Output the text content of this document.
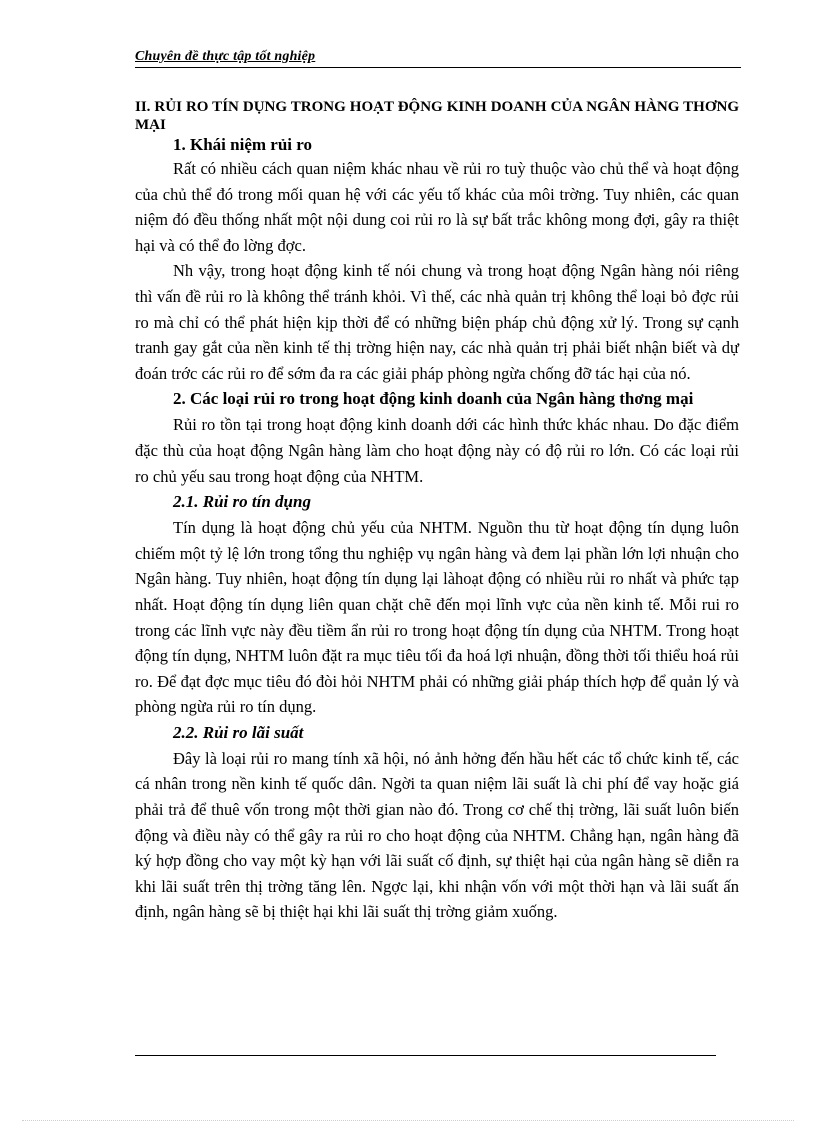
Chuyên đề thực tập tốt nghiệp

II. RỦI RO TÍN DỤNG TRONG HOẠT ĐỘNG KINH DOANH CỦA NGÂN HÀNG THƠNG MẠI

1. Khái niệm rủi ro

Rất có nhiều cách quan niệm khác nhau về rủi ro tuỳ thuộc vào chủ thể và hoạt động của chủ thể đó trong mối quan hệ với các yếu tố khác của môi trờng. Tuy nhiên, các quan niệm đó đều thống nhất một nội dung coi rủi ro là sự bất trắc không mong đợi, gây ra thiệt hại và có thể đo lờng đợc.

Nh vậy, trong hoạt động kinh tế nói chung và trong hoạt động Ngân hàng nói riêng thì vấn đề rủi ro là không thể tránh khỏi. Vì thế, các nhà quản trị không thể loại bỏ đợc rủi ro mà chỉ có thể phát hiện kịp thời để có những biện pháp chủ động xử lý. Trong sự cạnh tranh gay gắt của nền kinh tế thị trờng hiện nay, các nhà quản trị phải biết nhận biết và dự đoán trớc các rủi ro để sớm đa ra các giải pháp phòng ngừa chống đỡ tác hại của nó.

2. Các loại rủi ro trong hoạt động kinh doanh của Ngân hàng thơng mại

Rủi ro tồn tại trong hoạt động kinh doanh dới các hình thức khác nhau. Do đặc điểm đặc thù của hoạt động Ngân hàng làm cho hoạt động này có độ rủi ro lớn. Có các loại rủi ro chủ yếu sau trong hoạt động của NHTM.

2.1. Rủi ro tín dụng

Tín dụng là hoạt động chủ yếu của NHTM. Nguồn thu từ hoạt động tín dụng luôn chiếm một tỷ lệ lớn trong tổng thu nghiệp vụ ngân hàng và đem lại phần lớn lợi nhuận cho Ngân hàng. Tuy nhiên, hoạt động tín dụng lại làhoạt động có nhiều rủi ro nhất và phức tạp nhất. Hoạt động tín dụng liên quan chặt chẽ đến mọi lĩnh vực của nền kinh tế. Mỗi rui ro trong các lĩnh vực này đều tiềm ẩn rủi ro trong hoạt động tín dụng của NHTM. Trong hoạt động tín dụng, NHTM luôn đặt ra mục tiêu tối đa hoá lợi nhuận, đồng thời tối thiểu hoá rủi ro. Để đạt đợc mục tiêu đó đòi hỏi NHTM phải có những giải pháp thích hợp để quản lý và phòng ngừa rủi ro tín dụng.

2.2. Rủi ro lãi suất

Đây là loại rủi ro mang tính xã hội, nó ảnh hởng đến hầu hết các tổ chức kinh tế, các cá nhân trong nền kinh tế quốc dân. Ngời ta quan niệm lãi suất là chi phí để vay hoặc giá phải trả để thuê vốn trong một thời gian nào đó. Trong cơ chế thị trờng, lãi suất luôn biến động và điều này có thể gây ra rủi ro cho hoạt động của NHTM. Chẳng hạn, ngân hàng đã ký hợp đồng cho vay một kỳ hạn với lãi suất cố định, sự thiệt hại của ngân hàng sẽ diễn ra khi lãi suất trên thị trờng tăng lên. Ngợc lại, khi nhận vốn với một thời hạn và lãi suất ấn định, ngân hàng sẽ bị thiệt hại khi lãi suất thị trờng giảm xuống.
